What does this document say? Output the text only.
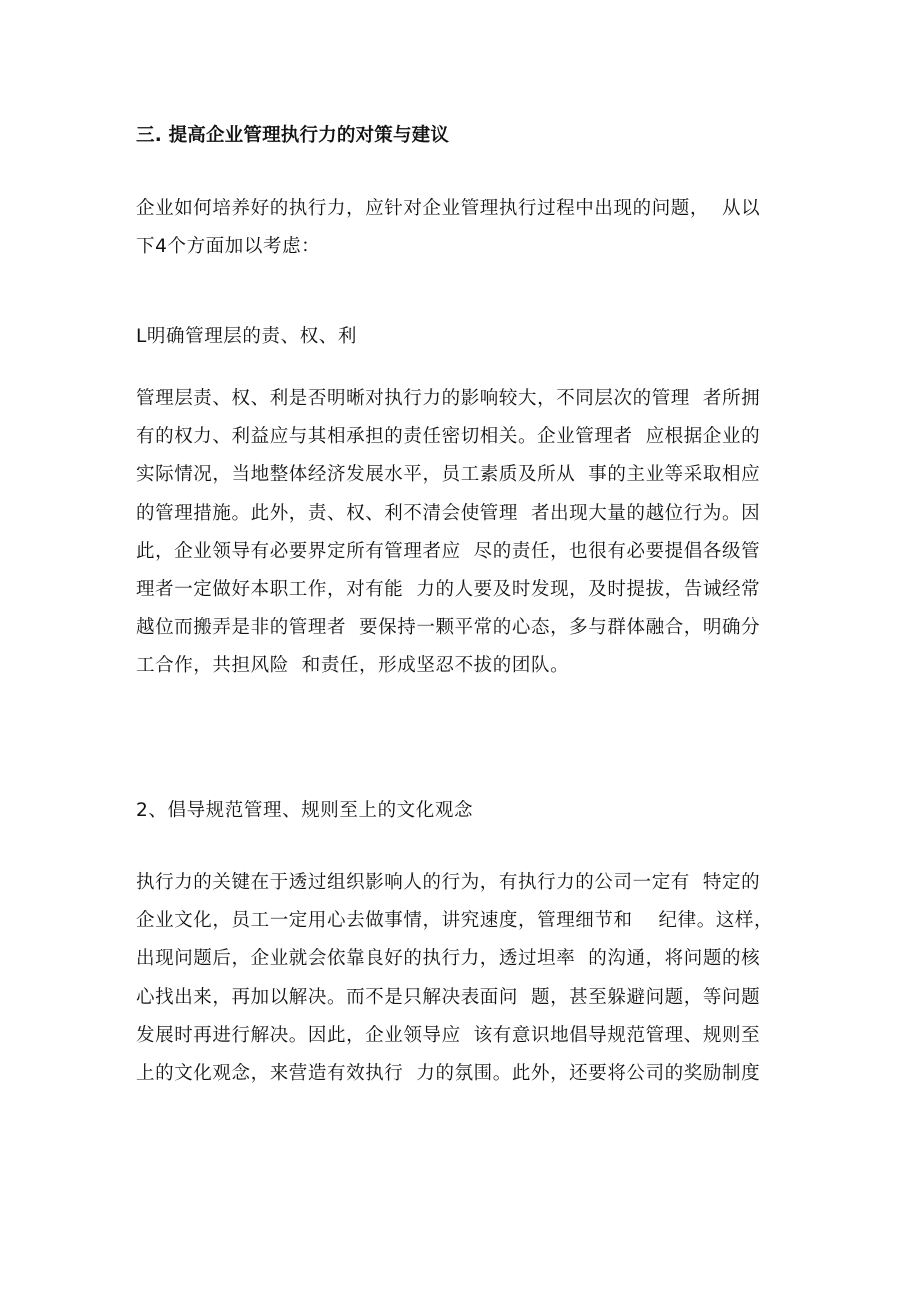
三. 提高企业管理执行力的对策与建议

企业如何培养好的执行力，应针对企业管理执行过程中出现的问题，  从以
下4个方面加以考虑：

L明确管理层的责、权、利

管理层责、权、利是否明晰对执行力的影响较大，不同层次的管理  者所拥
有的权力、利益应与其相承担的责任密切相关。企业管理者  应根据企业的
实际情况，当地整体经济发展水平，员工素质及所从  事的主业等采取相应
的管理措施。此外，责、权、利不清会使管理  者出现大量的越位行为。因
此，企业领导有必要界定所有管理者应  尽的责任，也很有必要提倡各级管
理者一定做好本职工作，对有能  力的人要及时发现，及时提拔，告诫经常
越位而搬弄是非的管理者  要保持一颗平常的心态，多与群体融合，明确分
工合作，共担风险  和责任，形成坚忍不拔的团队。

2、倡导规范管理、规则至上的文化观念

执行力的关键在于透过组织影响人的行为，有执行力的公司一定有  特定的
企业文化，员工一定用心去做事情，讲究速度，管理细节和    纪律。这样，
出现问题后，企业就会依靠良好的执行力，透过坦率  的沟通，将问题的核
心找出来，再加以解决。而不是只解决表面问  题，甚至躲避问题，等问题
发展时再进行解决。因此，企业领导应  该有意识地倡导规范管理、规则至
上的文化观念，来营造有效执行  力的氛围。此外，还要将公司的奖励制度
